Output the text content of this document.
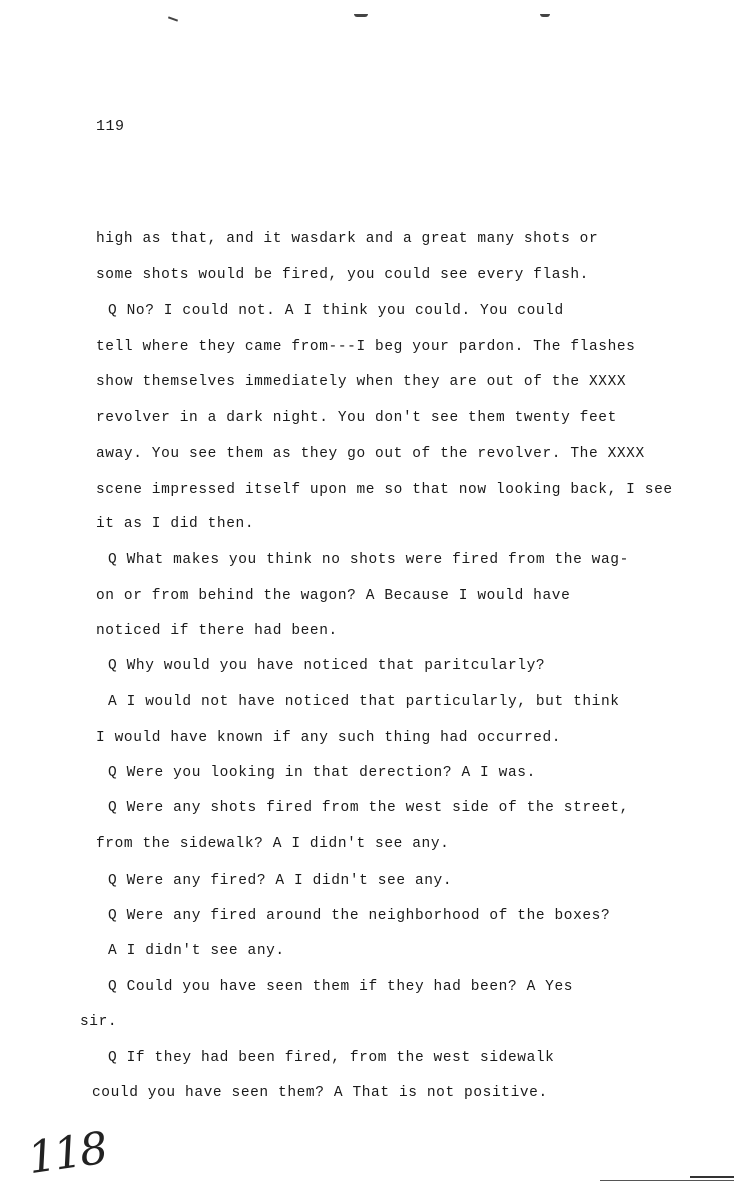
119
high as that, and it wasdark and a great many shots or
some shots would be fired, you could see every flash.
Q No? I could not. A I think you could. You could
tell where they came from---I beg your pardon. The flashes
show themselves immediately when they are out of the XXXX
revolver in a dark night. You don't see them twenty feet
away. You see them as they go out of the revolver. The XXXX
scene impressed itself upon me so that now looking back, I see
it as I did then.
Q What makes you think no shots were fired from the wag-
on or from behind the wagon? A Because I would have
noticed if there had been.
Q Why would you have noticed that paritcularly?
A I would not have noticed that particularly, but think
I would have known if any such thing had occurred.
Q Were you looking in that derection? A I was.
Q Were any shots fired from the west side of the street,
from the sidewalk? A I didn't see any.
Q Were any fired? A I didn't see any.
Q Were any fired around the neighborhood of the boxes?
A I didn't see any.
Q Could you have seen them if they had been? A Yes
sir.
Q If they had been fired, from the west sidewalk
could you have seen them? A That is not positive.
118
